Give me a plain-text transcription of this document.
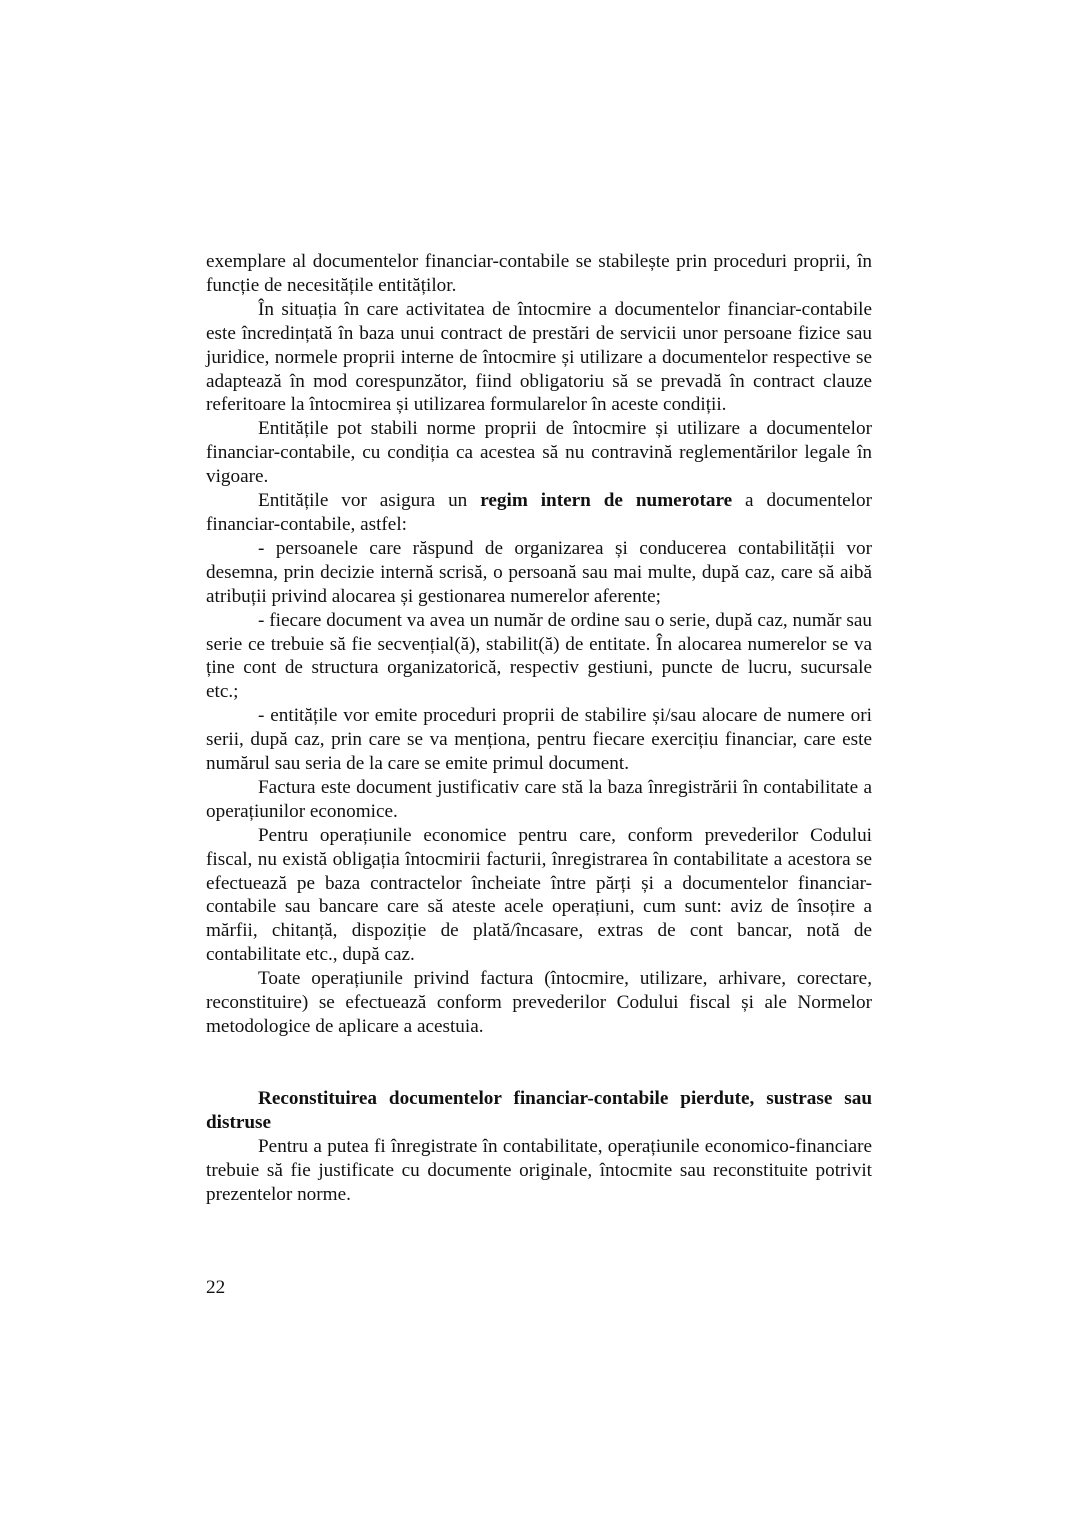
exemplare al documentelor financiar-contabile se stabilește prin proceduri proprii, în funcție de necesitățile entităților.

În situația în care activitatea de întocmire a documentelor financiar-contabile este încredințată în baza unui contract de prestări de servicii unor persoane fizice sau juridice, normele proprii interne de întocmire și utilizare a documentelor respective se adaptează în mod corespunzător, fiind obligatoriu să se prevadă în contract clauze referitoare la întocmirea și utilizarea formularelor în aceste condiții.

Entitățile pot stabili norme proprii de întocmire și utilizare a documentelor financiar-contabile, cu condiția ca acestea să nu contravină reglementărilor legale în vigoare.

Entitățile vor asigura un regim intern de numerotare a documentelor financiar-contabile, astfel:

- persoanele care răspund de organizarea și conducerea contabilității vor desemna, prin decizie internă scrisă, o persoană sau mai multe, după caz, care să aibă atribuții privind alocarea și gestionarea numerelor aferente;

- fiecare document va avea un număr de ordine sau o serie, după caz, număr sau serie ce trebuie să fie secvențial(ă), stabilit(ă) de entitate. În alocarea numerelor se va ține cont de structura organizatorică, respectiv gestiuni, puncte de lucru, sucursale etc.;

- entitățile vor emite proceduri proprii de stabilire și/sau alocare de numere ori serii, după caz, prin care se va menționa, pentru fiecare exercițiu financiar, care este numărul sau seria de la care se emite primul document.

Factura este document justificativ care stă la baza înregistrării în contabilitate a operațiunilor economice.

Pentru operațiunile economice pentru care, conform prevederilor Codului fiscal, nu există obligația întocmirii facturii, înregistrarea în contabilitate a acestora se efectuează pe baza contractelor încheiate între părți și a documentelor financiar-contabile sau bancare care să ateste acele operațiuni, cum sunt: aviz de însoțire a mărfii, chitanță, dispoziție de plată/încasare, extras de cont bancar, notă de contabilitate etc., după caz.

Toate operațiunile privind factura (întocmire, utilizare, arhivare, corectare, reconstituire) se efectuează conform prevederilor Codului fiscal și ale Normelor metodologice de aplicare a acestuia.

Reconstituirea documentelor financiar-contabile pierdute, sustrase sau distruse

Pentru a putea fi înregistrate în contabilitate, operațiunile economico-financiare trebuie să fie justificate cu documente originale, întocmite sau reconstituite potrivit prezentelor norme.

22
